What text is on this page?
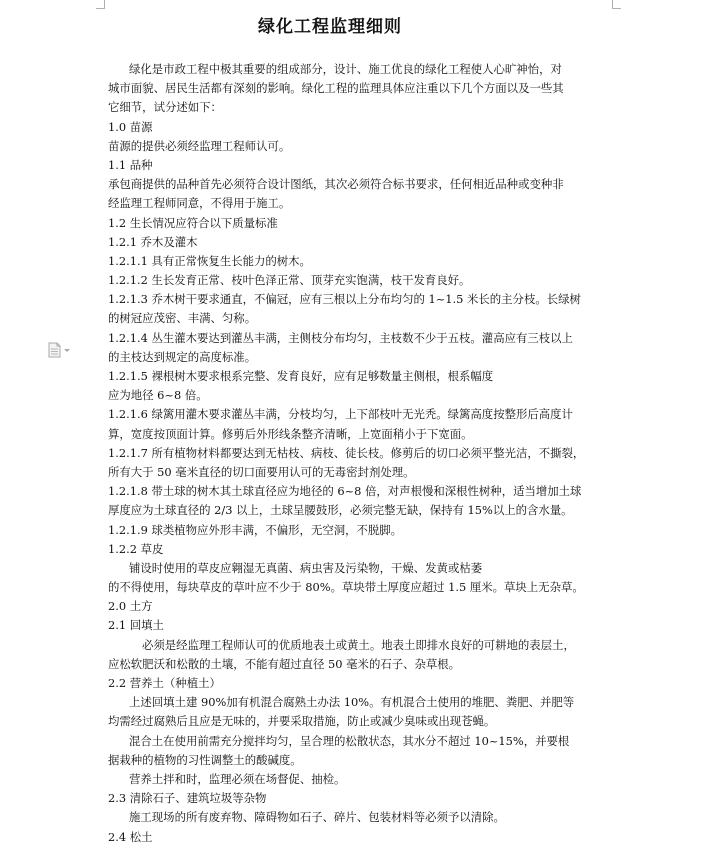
绿化工程监理细则
绿化是市政工程中极其重要的组成部分，设计、施工优良的绿化工程使人心旷神怡，对
城市面貌、居民生活都有深刻的影响。绿化工程的监理具体应注重以下几个方面以及一些其
它细节，试分述如下：
1.0 苗源
苗源的提供必须经监理工程师认可。
1.1 品种
承包商提供的品种首先必须符合设计图纸，其次必须符合标书要求，任何相近品种或变种非
经监理工程师同意，不得用于施工。
1.2 生长情况应符合以下质量标准
1.2.1 乔木及灌木
1.2.1.1 具有正常恢复生长能力的树木。
1.2.1.2 生长发育正常、枝叶色泽正常、顶芽充实饱满，枝干发育良好。
1.2.1.3 乔木树干要求通直，不偏冠，应有三根以上分布均匀的 1~1.5 米长的主分枝。长绿树
的树冠应茂密、丰满、匀称。
1.2.1.4 丛生灌木要达到灌丛丰满，主侧枝分布均匀，主枝数不少于五枝。灌高应有三枝以上
的主枝达到规定的高度标准。
1.2.1.5 裸根树木要求根系完整、发育良好，应有足够数量主侧根，根系幅度
应为地径 6~8 倍。
1.2.1.6 绿篱用灌木要求灌丛丰满，分枝均匀，上下部枝叶无光秃。绿篱高度按整形后高度计
算，宽度按顶面计算。修剪后外形线条整齐清晰，上宽面稍小于下宽面。
1.2.1.7 所有植物材料都要达到无枯枝、病枝、徒长枝。修剪后的切口必须平整光洁，不撕裂，
所有大于 50 毫米直径的切口面要用认可的无毒密封剂处理。
1.2.1.8 带土球的树木其土球直径应为地径的 6~8 倍，对声根慢和深根性树种，适当增加土球
厚度应为土球直径的 2/3 以上，土球呈腰鼓形，必须完整无缺，保持有 15%以上的含水量。
1.2.1.9 球类植物应外形丰满，不偏形，无空洞，不脱脚。
1.2.2 草皮
铺设时使用的草皮应翱湿无真菌、病虫害及污染物，干燥、发黄或枯萎
的不得使用，每块草皮的草叶应不少于 80%。草块带土厚度应超过 1.5 厘米。草块上无杂草。
2.0 土方
2.1 回填土
必须是经监理工程师认可的优质地表土或黄土。地表土即排水良好的可耕地的表层土，
应松软肥沃和松散的土壤，不能有超过直径 50 毫米的石子、杂草根。
2.2 营养土（种植土）
上述回填土建 90%加有机混合腐熟土办法 10%。有机混合土使用的堆肥、粪肥、并肥等
均需经过腐熟后且应是无味的，并要采取措施，防止或减少臭味或出现苍蝇。
混合土在使用前需充分搅拌均匀，呈合理的松散状态，其水分不超过 10~15%，并要根
据栽种的植物的习性调整土的酸碱度。
营养土拌和时，监理必须在场督促、抽检。
2.3 清除石子、建筑垃圾等杂物
施工现场的所有废弃物、障碍物如石子、碎片、包装材料等必须予以清除。
2.4 松土
